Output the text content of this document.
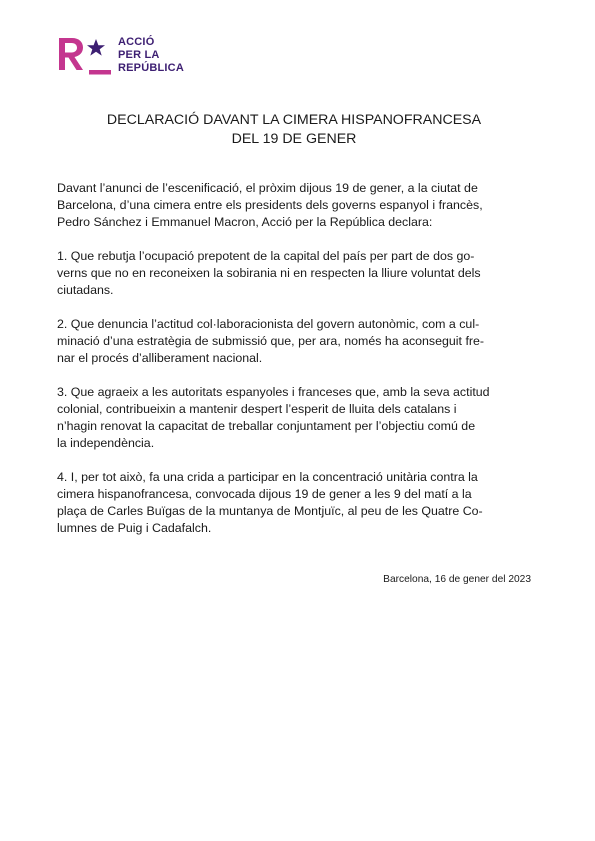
ACCIÓ
PER LA
REPÚBLICA
DECLARACIÓ DAVANT LA CIMERA HISPANOFRANCESA
DEL 19 DE GENER
Davant l’anunci de l’escenificació, el pròxim dijous 19 de gener, a la ciutat de
Barcelona, d’una cimera entre els presidents dels governs espanyol i francès,
Pedro Sánchez i Emmanuel Macron, Acció per la República declara:
1. Que rebutja l’ocupació prepotent de la capital del país per part de dos go-
verns que no en reconeixen la sobirania ni en respecten la lliure voluntat dels
ciutadans.
2. Que denuncia l’actitud col·laboracionista del govern autonòmic, com a cul-
minació d’una estratègia de submissió que, per ara, només ha aconseguit fre-
nar el procés d’alliberament nacional.
3. Que agraeix a les autoritats espanyoles i franceses que, amb la seva actitud
colonial, contribueixin a mantenir despert l’esperit de lluita dels catalans i
n’hagin renovat la capacitat de treballar conjuntament per l’objectiu comú de
la independència.
4. I, per tot això, fa una crida a participar en la concentració unitària contra la
cimera hispanofrancesa, convocada dijous 19 de gener a les 9 del matí a la
plaça de Carles Buïgas de la muntanya de Montjuïc, al peu de les Quatre Co-
lumnes de Puig i Cadafalch.
Barcelona, 16 de gener del 2023
